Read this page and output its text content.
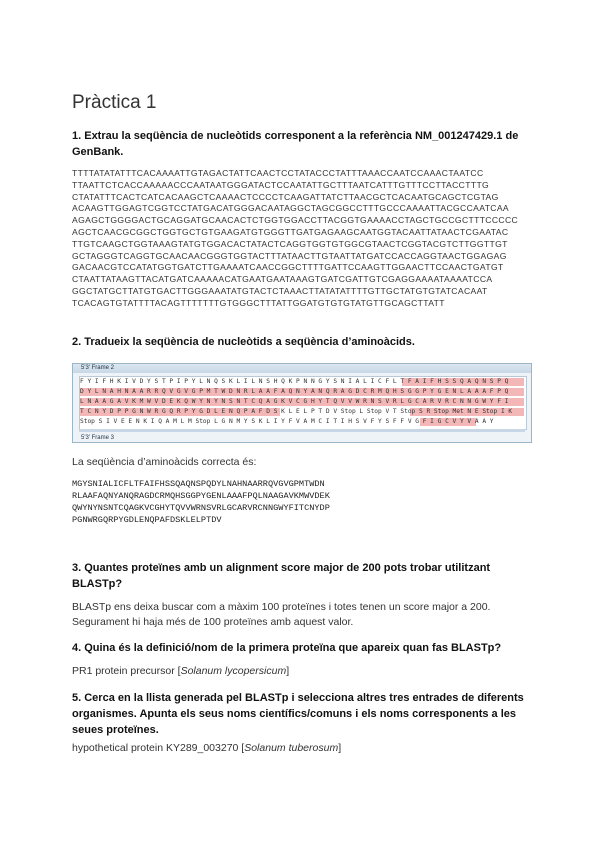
Pràctica 1

1. Extrau la seqüència de nucleòtids corresponent a la referència NM_001247429.1 de GenBank.

TTTTATATATTTCACAAAATTGTAGACTATTCAACTCCTATACCCTATTTAAACCAATCCAAACTAATCC
TTAATTCTCACCAAAAACCCAATAATGGGATACTCCAATATTGCTTTAATCATTTGTTTCCTTACCTTTG
CTATATTTCACTCATCACAAGCTCAAAACTCCCCTCAAGATTATCTTAACGCTCACAATGCAGCTCGTAG
ACAAGTTGGAGTCGGTCCTATGACATGGGACAATAGGCTAGCGGCCTTTGCCCAAAATTACGCCAATCAA
AGAGCTGGGGACTGCAGGATGCAACACTCTGGTGGACCTTACGGTGAAAACCTAGCTGCCGCTTTCCCCC
AGCTCAACGCGGCTGGTGCTGTGAAGATGTGGGTTGATGAGAAGCAATGGTACAATTATAACTCGAATAC
TTGTCAAGCTGGTAAAGTATGTGGACACTATACTCAGGTGGTGTGGCGTAACTCGGTACGTCTTGGTTGT
GCTAGGGTCAGGTGCAACAACGGGTGGTACTTTATAACTTGTAATTATGATCCACCAGGTAACTGGAGAG
GACAACGTCCATATGGTGATCTTGAAAATCAACCGGCTTTTGATTCCAAGTTGGAACTTCCAACTGATGT
CTAATTATAAGTTACATGATCAAAAACATGAATGAATAAAGTGATCGATTGTCGAGGAAAATAAAATCCA
GGCTATGCTTATGTGACTTGGGAAATATGTACTCTAAACTTATATATTTTGTTGCTATGTGTATCACAAT
TCACAGTGTATTTTACAGTTTTTTTGTGGGCTTTATTGGATGTGTGTATGTTGCAGCTTATT

2. Tradueix la seqüència de nucleòtids a seqüència d’aminoàcids.

5'3' Frame 2
F Y I F H K I V D Y S T P I P Y L N Q S K L I L N S H Q K P N N G Y S N I A L I C F L T F A I F H S S Q A Q N S P Q
D Y L N A H N A A R R Q V G V G P M T W D N R L A A F A Q N Y A N Q R A G D C R M Q H S G G P Y G E N L A A A F P Q
L N A A G A V K M W V D E K Q W Y N Y N S N T C Q A G K V C G H Y T Q V V W R N S V R L G C A R V R C N N G W Y F I
T C N Y D P P G N W R G Q R P Y G D L E N Q P A F D S K L E L P T D V Stop L Stop V T Stop S R Stop Met N E Stop I K
Stop S I V E E N K I Q A M L M Stop L G N M Y S K L I Y F V A M C I T I H S V F Y S F F V G F I G C V Y V A A Y
5'3' Frame 3

La seqüència d’aminoàcids correcta és:

MGYSNIALICFLTFAIFHSSQAQNSPQDYLNAHNAARRQVGVGPMTWDN
RLAAFAQNYANQRAGDCRMQHSGGPYGENLAAAFPQLNAAGAVKMWVDEK
QWYNYNSNTCQAGKVCGHYTQVVWRNSVRLGCARVRCNNGWYFITCNYDP
PGNWRGQRPYGDLENQPAFDSKLELPTDV

3. Quantes proteïnes amb un alignment score major de 200 pots trobar utilitzant BLASTp?

BLASTp ens deixa buscar com a màxim 100 proteïnes i totes tenen un score major a 200. Segurament hi haja més de 100 proteïnes amb aquest valor.

4. Quina és la definició/nom de la primera proteïna que apareix quan fas BLASTp?

PR1 protein precursor [Solanum lycopersicum]

5. Cerca en la llista generada pel BLASTp i selecciona altres tres entrades de diferents organismes. Apunta els seus noms científics/comuns i els noms corresponents a les seues proteïnes.

hypothetical protein KY289_003270 [Solanum tuberosum]
